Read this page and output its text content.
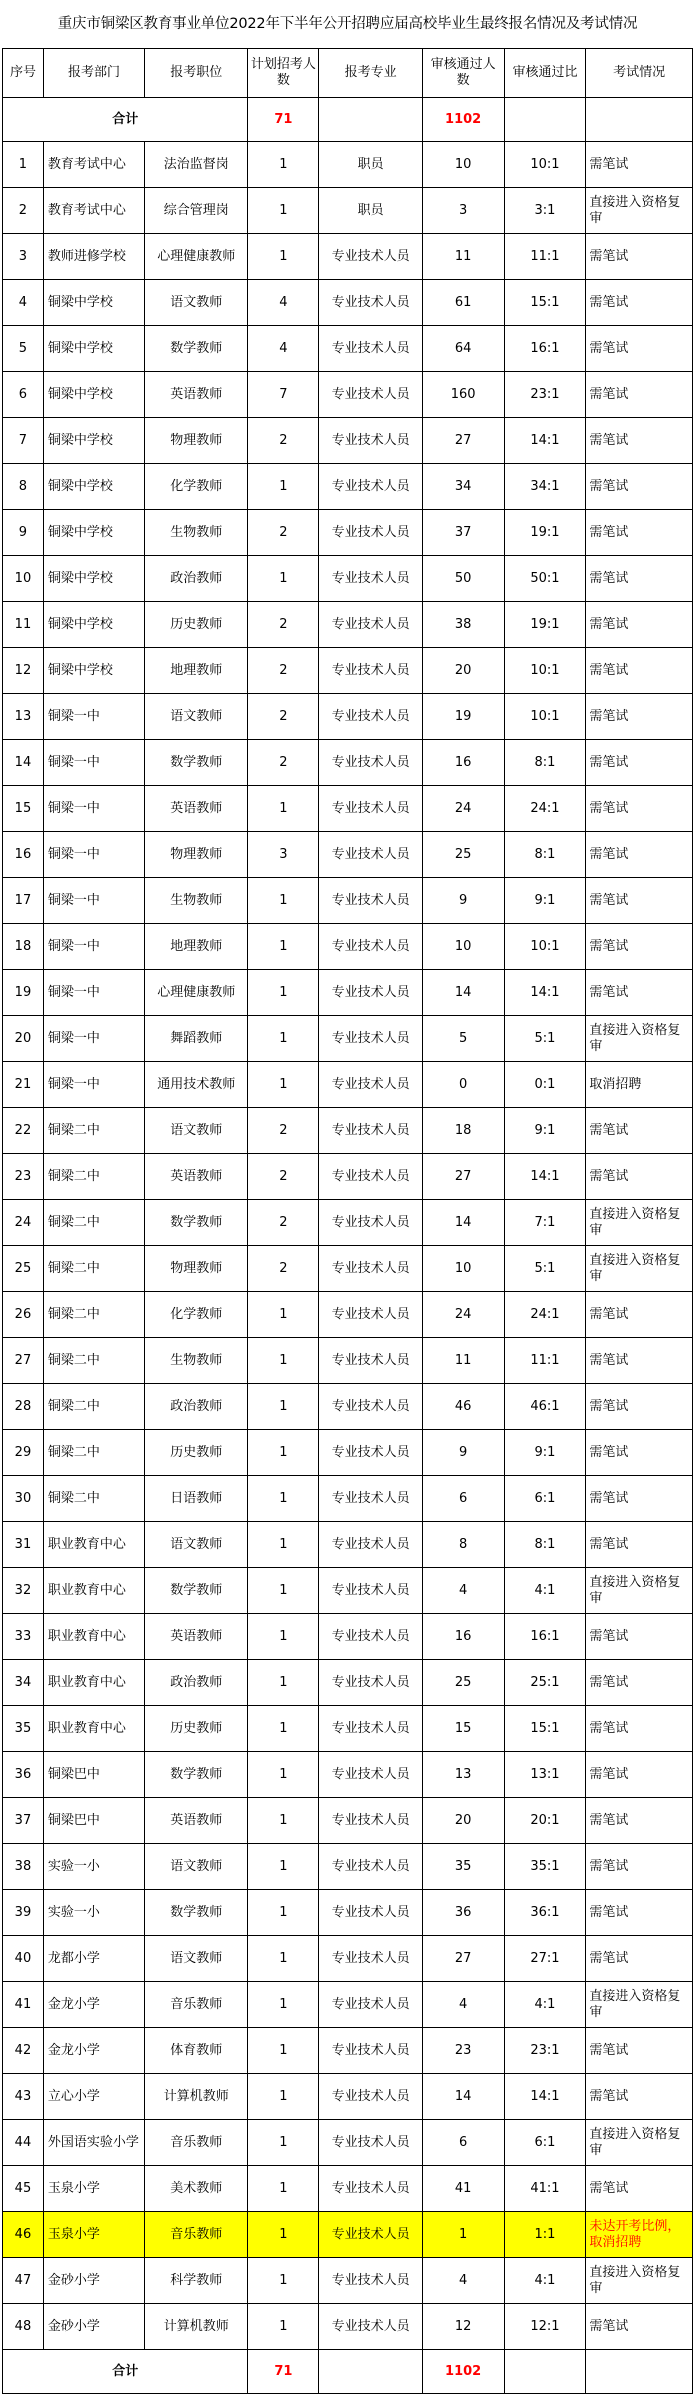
重庆市铜梁区教育事业单位2022年下半年公开招聘应届高校毕业生最终报名情况及考试情况
序号	报考部门	报考职位	计划招考人数	报考专业	审核通过人数	审核通过比	考试情况
合计			71		1102		
1	教育考试中心	法治监督岗	1	职员	10	10:1	需笔试
2	教育考试中心	综合管理岗	1	职员	3	3:1	直接进入资格复审
3	教师进修学校	心理健康教师	1	专业技术人员	11	11:1	需笔试
4	铜梁中学校	语文教师	4	专业技术人员	61	15:1	需笔试
5	铜梁中学校	数学教师	4	专业技术人员	64	16:1	需笔试
6	铜梁中学校	英语教师	7	专业技术人员	160	23:1	需笔试
7	铜梁中学校	物理教师	2	专业技术人员	27	14:1	需笔试
8	铜梁中学校	化学教师	1	专业技术人员	34	34:1	需笔试
9	铜梁中学校	生物教师	2	专业技术人员	37	19:1	需笔试
10	铜梁中学校	政治教师	1	专业技术人员	50	50:1	需笔试
11	铜梁中学校	历史教师	2	专业技术人员	38	19:1	需笔试
12	铜梁中学校	地理教师	2	专业技术人员	20	10:1	需笔试
13	铜梁一中	语文教师	2	专业技术人员	19	10:1	需笔试
14	铜梁一中	数学教师	2	专业技术人员	16	8:1	需笔试
15	铜梁一中	英语教师	1	专业技术人员	24	24:1	需笔试
16	铜梁一中	物理教师	3	专业技术人员	25	8:1	需笔试
17	铜梁一中	生物教师	1	专业技术人员	9	9:1	需笔试
18	铜梁一中	地理教师	1	专业技术人员	10	10:1	需笔试
19	铜梁一中	心理健康教师	1	专业技术人员	14	14:1	需笔试
20	铜梁一中	舞蹈教师	1	专业技术人员	5	5:1	直接进入资格复审
21	铜梁一中	通用技术教师	1	专业技术人员	0	0:1	取消招聘
22	铜梁二中	语文教师	2	专业技术人员	18	9:1	需笔试
23	铜梁二中	英语教师	2	专业技术人员	27	14:1	需笔试
24	铜梁二中	数学教师	2	专业技术人员	14	7:1	直接进入资格复审
25	铜梁二中	物理教师	2	专业技术人员	10	5:1	直接进入资格复审
26	铜梁二中	化学教师	1	专业技术人员	24	24:1	需笔试
27	铜梁二中	生物教师	1	专业技术人员	11	11:1	需笔试
28	铜梁二中	政治教师	1	专业技术人员	46	46:1	需笔试
29	铜梁二中	历史教师	1	专业技术人员	9	9:1	需笔试
30	铜梁二中	日语教师	1	专业技术人员	6	6:1	需笔试
31	职业教育中心	语文教师	1	专业技术人员	8	8:1	需笔试
32	职业教育中心	数学教师	1	专业技术人员	4	4:1	直接进入资格复审
33	职业教育中心	英语教师	1	专业技术人员	16	16:1	需笔试
34	职业教育中心	政治教师	1	专业技术人员	25	25:1	需笔试
35	职业教育中心	历史教师	1	专业技术人员	15	15:1	需笔试
36	铜梁巴中	数学教师	1	专业技术人员	13	13:1	需笔试
37	铜梁巴中	英语教师	1	专业技术人员	20	20:1	需笔试
38	实验一小	语文教师	1	专业技术人员	35	35:1	需笔试
39	实验一小	数学教师	1	专业技术人员	36	36:1	需笔试
40	龙都小学	语文教师	1	专业技术人员	27	27:1	需笔试
41	金龙小学	音乐教师	1	专业技术人员	4	4:1	直接进入资格复审
42	金龙小学	体育教师	1	专业技术人员	23	23:1	需笔试
43	立心小学	计算机教师	1	专业技术人员	14	14:1	需笔试
44	外国语实验小学	音乐教师	1	专业技术人员	6	6:1	直接进入资格复审
45	玉泉小学	美术教师	1	专业技术人员	41	41:1	需笔试
46	玉泉小学	音乐教师	1	专业技术人员	1	1:1	未达开考比例，取消招聘
47	金砂小学	科学教师	1	专业技术人员	4	4:1	直接进入资格复审
48	金砂小学	计算机教师	1	专业技术人员	12	12:1	需笔试
合计			71		1102		
